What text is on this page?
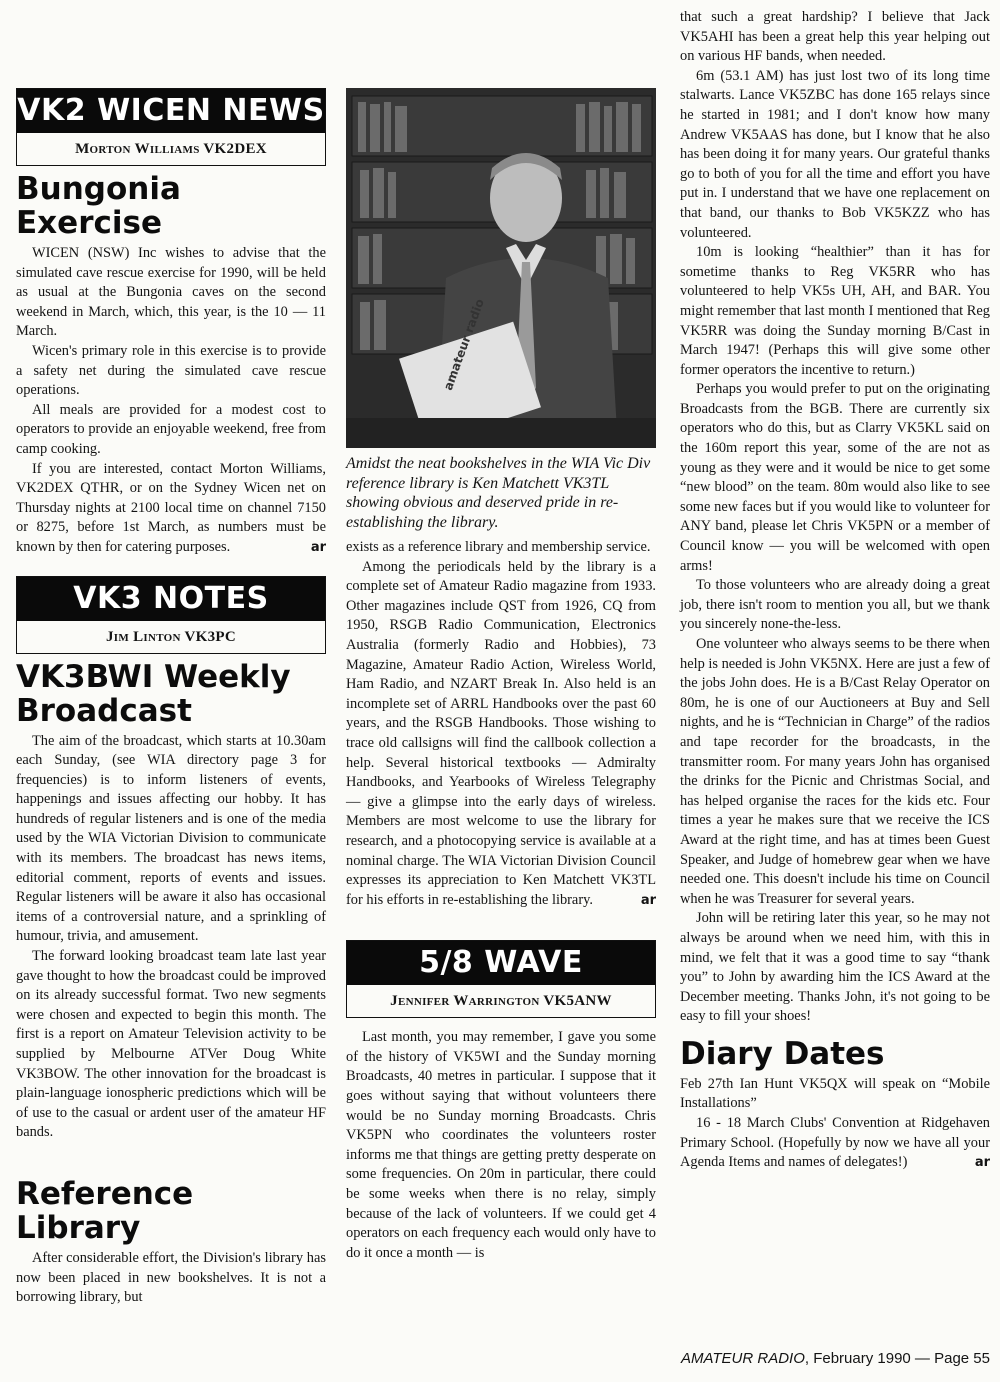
VK2 WICEN NEWS
Morton Williams VK2DEX
Bungonia Exercise

WICEN (NSW) Inc wishes to advise that the simulated cave rescue exercise for 1990, will be held as usual at the Bungonia caves on the second weekend in March, which, this year, is the 10 — 11 March.

Wicen's primary role in this exercise is to provide a safety net during the simulated cave rescue operations.

All meals are provided for a modest cost to operators to provide an enjoyable weekend, free from camp cooking.

If you are interested, contact Morton Williams, VK2DEX QTHR, or on the Sydney Wicen net on Thursday nights at 2100 local time on channel 7150 or 8275, before 1st March, as numbers must be known by then for catering purposes.	ar

VK3 NOTES
Jim Linton VK3PC
VK3BWI Weekly Broadcast

The aim of the broadcast, which starts at 10.30am each Sunday, (see WIA directory page 3 for frequencies) is to inform listeners of events, happenings and issues affecting our hobby. It has hundreds of regular listeners and is one of the media used by the WIA Victorian Division to communicate with its members. The broadcast has news items, editorial comment, reports of events and issues. Regular listeners will be aware it also has occasional items of a controversial nature, and a sprinkling of humour, trivia, and amusement.

The forward looking broadcast team late last year gave thought to how the broadcast could be improved on its already successful format. Two new segments were chosen and expected to begin this month. The first is a report on Amateur Television activity to be supplied by Melbourne ATVer Doug White VK3BOW. The other innovation for the broadcast is plain-language ionospheric predictions which will be of use to the casual or ardent user of the amateur HF bands.

Reference Library

After considerable effort, the Division's library has now been placed in new bookshelves. It is not a borrowing library, but

amateur radio
Amidst the neat bookshelves in the WIA Vic Div reference library is Ken Matchett VK3TL showing obvious and deserved pride in re-establishing the library.

exists as a reference library and membership service.

Among the periodicals held by the library is a complete set of Amateur Radio magazine from 1933. Other magazines include QST from 1926, CQ from 1950, RSGB Radio Communication, Electronics Australia (formerly Radio and Hobbies), 73 Magazine, Amateur Radio Action, Wireless World, Ham Radio, and NZART Break In. Also held is an incomplete set of ARRL Handbooks over the past 60 years, and the RSGB Handbooks. Those wishing to trace old callsigns will find the callbook collection a help. Several historical textbooks — Admiralty Handbooks, and Yearbooks of Wireless Telegraphy — give a glimpse into the early days of wireless. Members are most welcome to use the library for research, and a photocopying service is available at a nominal charge. The WIA Victorian Division Council expresses its appreciation to Ken Matchett VK3TL for his efforts in re-establishing the library.	ar

5/8 WAVE
Jennifer Warrington VK5ANW

Last month, you may remember, I gave you some of the history of VK5WI and the Sunday morning Broadcasts, 40 metres in particular. I suppose that it goes without saying that without volunteers there would be no Sunday morning Broadcasts. Chris VK5PN who coordinates the volunteers roster informs me that things are getting pretty desperate on some frequencies. On 20m in particular, there could be some weeks when there is no relay, simply because of the lack of volunteers. If we could get 4 operators on each frequency each would only have to do it once a month — is

that such a great hardship? I believe that Jack VK5AHI has been a great help this year helping out on various HF bands, when needed.

6m (53.1 AM) has just lost two of its long time stalwarts. Lance VK5ZBC has done 165 relays since he started in 1981; and I don't know how many Andrew VK5AAS has done, but I know that he also has been doing it for many years. Our grateful thanks go to both of you for all the time and effort you have put in. I understand that we have one replacement on that band, our thanks to Bob VK5KZZ who has volunteered.

10m is looking “healthier” than it has for sometime thanks to Reg VK5RR who has volunteered to help VK5s UH, AH, and BAR. You might remember that last month I mentioned that Reg VK5RR was doing the Sunday morning B/Cast in March 1947! (Perhaps this will give some other former operators the incentive to return.)

Perhaps you would prefer to put on the originating Broadcasts from the BGB. There are currently six operators who do this, but as Clarry VK5KL said on the 160m report this year, some of the are not as young as they were and it would be nice to get some “new blood” on the team. 80m would also like to see some new faces but if you would like to volunteer for ANY band, please let Chris VK5PN or a member of Council know — you will be welcomed with open arms!

To those volunteers who are already doing a great job, there isn't room to mention you all, but we thank you sincerely none-the-less.

One volunteer who always seems to be there when help is needed is John VK5NX. Here are just a few of the jobs John does. He is a B/Cast Relay Operator on 80m, he is one of our Auctioneers at Buy and Sell nights, and he is “Technician in Charge” of the radios and tape recorder for the broadcasts, in the transmitter room. For many years John has organised the drinks for the Picnic and Christmas Social, and has helped organise the races for the kids etc. Four times a year he makes sure that we receive the ICS Award at the right time, and has at times been Guest Speaker, and Judge of homebrew gear when we have needed one. This doesn't include his time on Council when he was Treasurer for several years.

John will be retiring later this year, so he may not always be around when we need him, with this in mind, we felt that it was a good time to say “thank you” to John by awarding him the ICS Award at the December meeting. Thanks John, it's not going to be easy to fill your shoes!

Diary Dates

Feb 27th Ian Hunt VK5QX will speak on “Mobile Installations”

16 - 18 March Clubs' Convention at Ridgehaven Primary School. (Hopefully by now we have all your Agenda Items and names of delegates!)	ar

AMATEUR RADIO, February 1990 — Page 55
